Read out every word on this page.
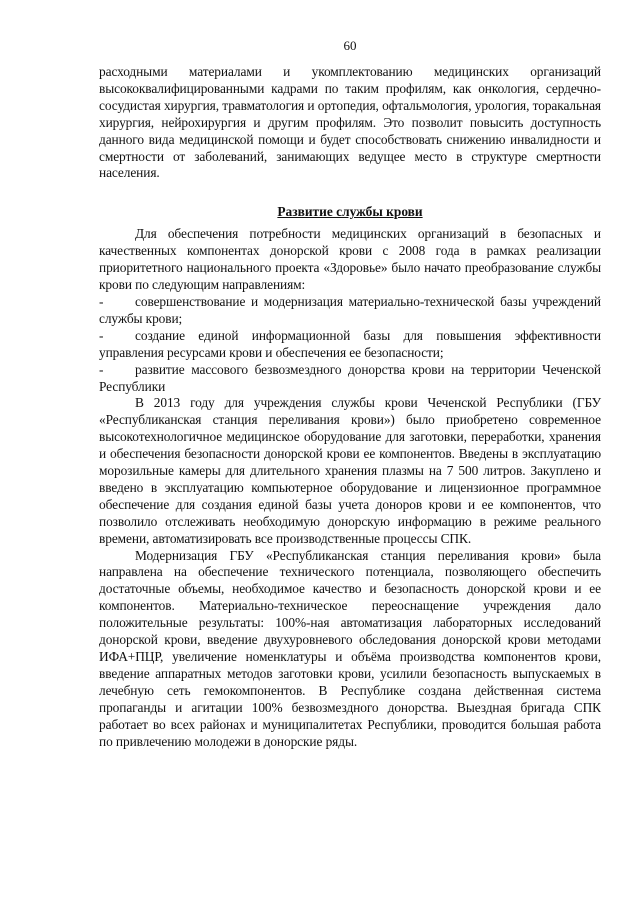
60

расходными материалами и укомплектованию медицинских организаций высококвалифицированными кадрами по таким профилям, как онкология, сердечно-сосудистая хирургия, травматология и ортопедия, офтальмология, урология, торакальная хирургия, нейрохирургия и другим профилям. Это позволит повысить доступность данного вида медицинской помощи и будет способствовать снижению инвалидности и смертности от заболеваний, занимающих ведущее место в структуре смертности населения.

Развитие службы крови

Для обеспечения потребности медицинских организаций в безопасных и качественных компонентах донорской крови с 2008 года в рамках реализации приоритетного национального проекта «Здоровье» было начато преобразование службы крови по следующим направлениям:

- совершенствование и модернизация материально-технической базы учреждений службы крови;

- создание единой информационной базы для повышения эффективности управления ресурсами крови и обеспечения ее безопасности;

- развитие массового безвозмездного донорства крови на территории Чеченской Республики

В 2013 году для учреждения службы крови Чеченской Республики (ГБУ «Республиканская станция переливания крови») было приобретено современное высокотехнологичное медицинское оборудование для заготовки, переработки, хранения и обеспечения безопасности донорской крови ее компонентов. Введены в эксплуатацию морозильные камеры для длительного хранения плазмы на 7 500 литров. Закуплено и введено в эксплуатацию компьютерное оборудование и лицензионное программное обеспечение для создания единой базы учета доноров крови и ее компонентов, что позволило отслеживать необходимую донорскую информацию в режиме реального времени, автоматизировать все производственные процессы СПК.

Модернизация ГБУ «Республиканская станция переливания крови» была направлена на обеспечение технического потенциала, позволяющего обеспечить достаточные объемы, необходимое качество и безопасность донорской крови и ее компонентов. Материально-техническое переоснащение учреждения дало положительные результаты: 100%-ная автоматизация лабораторных исследований донорской крови, введение двухуровневого обследования донорской крови методами ИФА+ПЦР, увеличение номенклатуры и объёма производства компонентов крови, введение аппаратных методов заготовки крови, усилили безопасность выпускаемых в лечебную сеть гемокомпонентов. В Республике создана действенная система пропаганды и агитации 100% безвозмездного донорства. Выездная бригада СПК работает во всех районах и муниципалитетах Республики, проводится большая работа по привлечению молодежи в донорские ряды.
